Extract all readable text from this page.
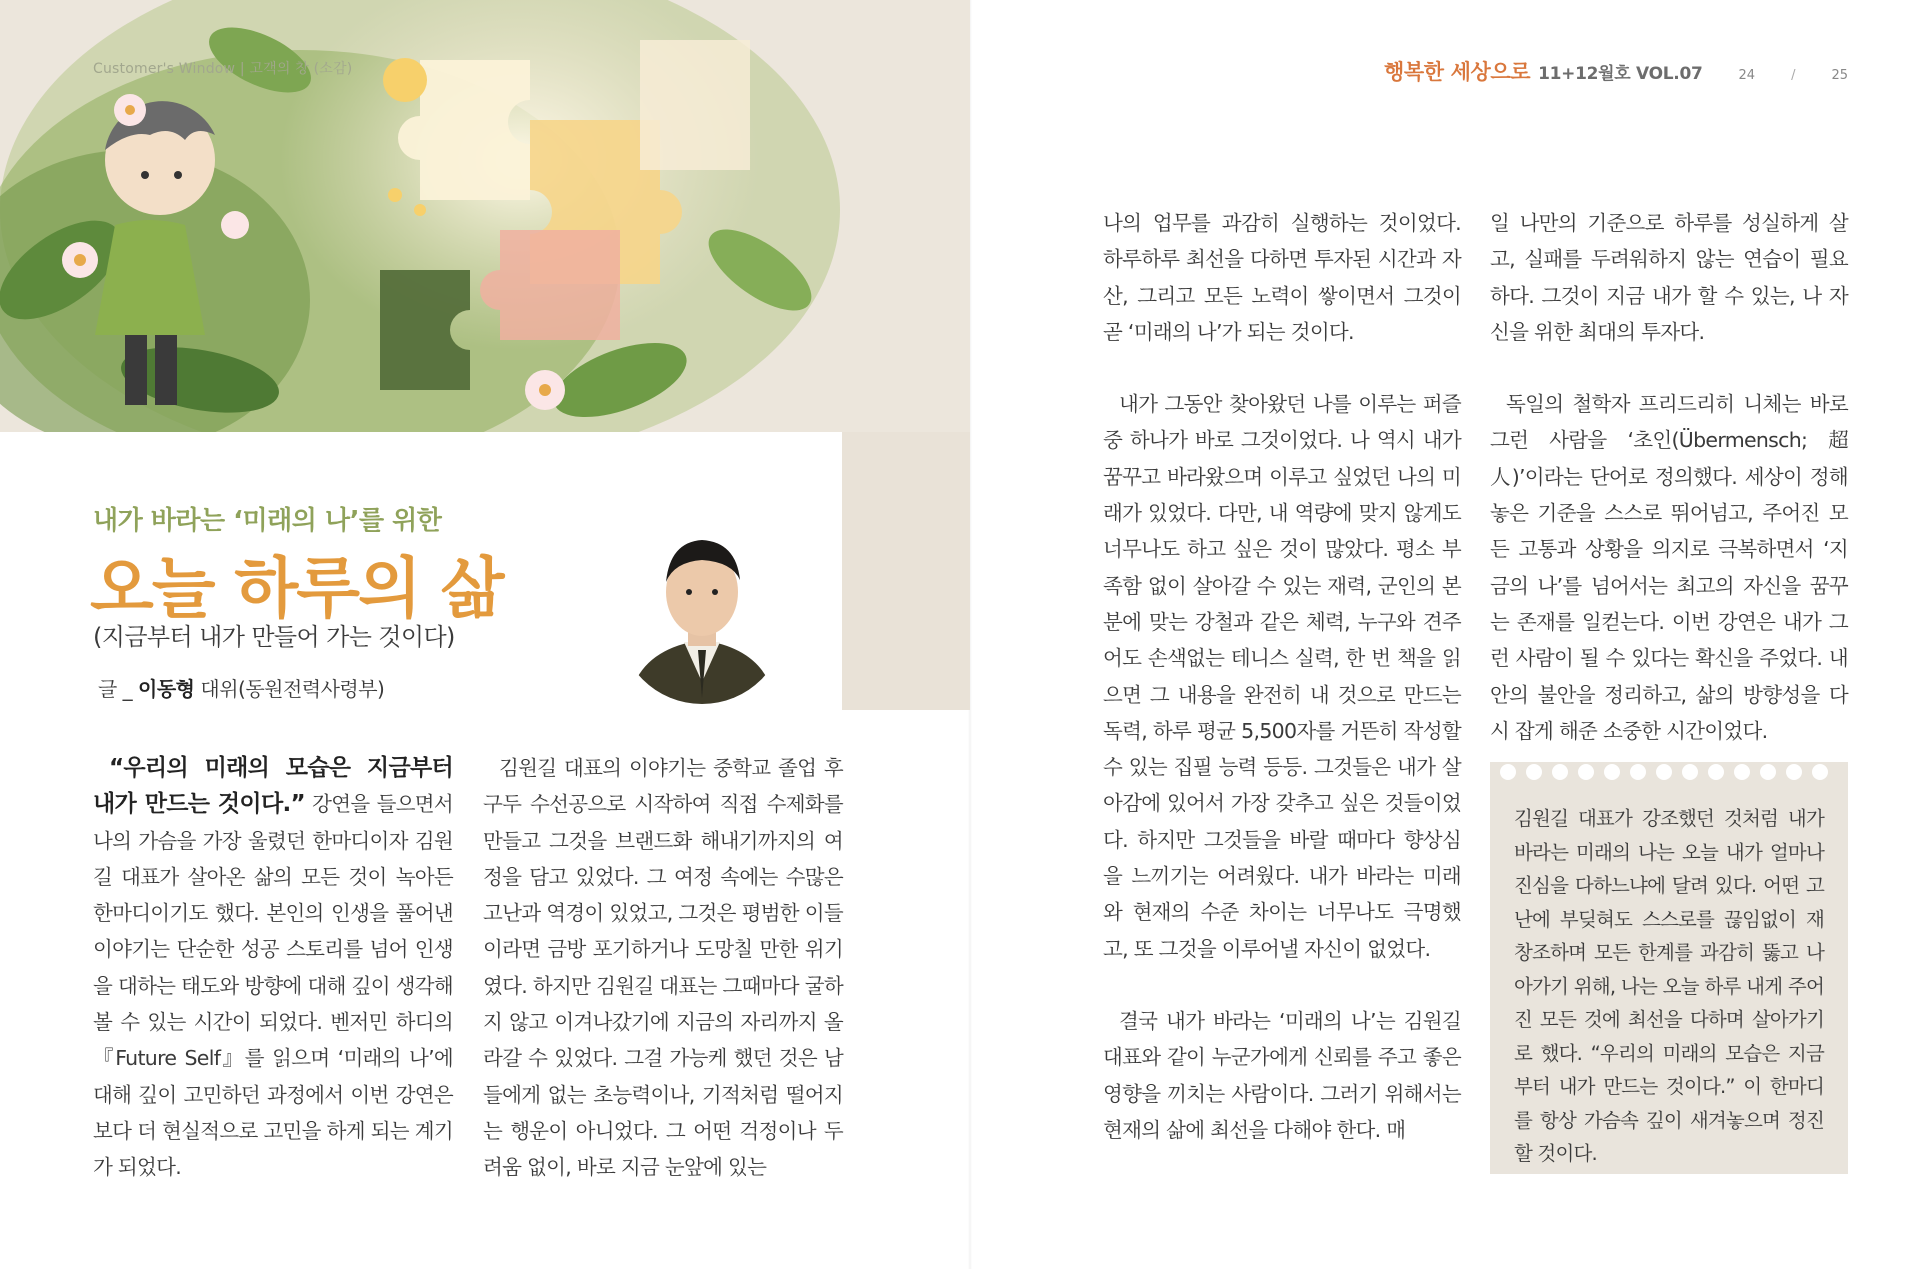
Customer's Window | 고객의 창 (소감)
내가 바라는 ‘미래의 나’를 위한
오늘 하루의 삶
(지금부터 내가 만들어 가는 것이다)
글 _ 이동형 대위(동원전력사령부)

“우리의 미래의 모습은 지금부터 내가 만드는 것이다.” 강연을 들으면서 나의 가슴을 가장 울렸던 한마디이자 김원길 대표가 살아온 삶의 모든 것이 녹아든 한마디이기도 했다. 본인의 인생을 풀어낸 이야기는 단순한 성공 스토리를 넘어 인생을 대하는 태도와 방향에 대해 깊이 생각해볼 수 있는 시간이 되었다. 벤저민 하디의 『Future Self』를 읽으며 ‘미래의 나’에 대해 깊이 고민하던 과정에서 이번 강연은 보다 더 현실적으로 고민을 하게 되는 계기가 되었다.

김원길 대표의 이야기는 중학교 졸업 후 구두 수선공으로 시작하여 직접 수제화를 만들고 그것을 브랜드화 해내기까지의 여정을 담고 있었다. 그 여정 속에는 수많은 고난과 역경이 있었고, 그것은 평범한 이들이라면 금방 포기하거나 도망칠 만한 위기였다. 하지만 김원길 대표는 그때마다 굴하지 않고 이겨나갔기에 지금의 자리까지 올라갈 수 있었다. 그걸 가능케 했던 것은 남들에게 없는 초능력이나, 기적처럼 떨어지는 행운이 아니었다. 그 어떤 걱정이나 두려움 없이, 바로 지금 눈앞에 있는

행복한 세상으로 11+12월호 VOL.07	24	/	25

나의 업무를 과감히 실행하는 것이었다. 하루하루 최선을 다하면 투자된 시간과 자산, 그리고 모든 노력이 쌓이면서 그것이 곧 ‘미래의 나’가 되는 것이다.

내가 그동안 찾아왔던 나를 이루는 퍼즐 중 하나가 바로 그것이었다. 나 역시 내가 꿈꾸고 바라왔으며 이루고 싶었던 나의 미래가 있었다. 다만, 내 역량에 맞지 않게도 너무나도 하고 싶은 것이 많았다. 평소 부족함 없이 살아갈 수 있는 재력, 군인의 본분에 맞는 강철과 같은 체력, 누구와 견주어도 손색없는 테니스 실력, 한 번 책을 읽으면 그 내용을 완전히 내 것으로 만드는 독력, 하루 평균 5,500자를 거뜬히 작성할 수 있는 집필 능력 등등. 그것들은 내가 살아감에 있어서 가장 갖추고 싶은 것들이었다. 하지만 그것들을 바랄 때마다 향상심을 느끼기는 어려웠다. 내가 바라는 미래와 현재의 수준 차이는 너무나도 극명했고, 또 그것을 이루어낼 자신이 없었다.

결국 내가 바라는 ‘미래의 나’는 김원길 대표와 같이 누군가에게 신뢰를 주고 좋은 영향을 끼치는 사람이다. 그러기 위해서는 현재의 삶에 최선을 다해야 한다. 매

일 나만의 기준으로 하루를 성실하게 살고, 실패를 두려워하지 않는 연습이 필요하다. 그것이 지금 내가 할 수 있는, 나 자신을 위한 최대의 투자다.

독일의 철학자 프리드리히 니체는 바로 그런 사람을 ‘초인(Übermensch; 超人)’이라는 단어로 정의했다. 세상이 정해놓은 기준을 스스로 뛰어넘고, 주어진 모든 고통과 상황을 의지로 극복하면서 ‘지금의 나’를 넘어서는 최고의 자신을 꿈꾸는 존재를 일컫는다. 이번 강연은 내가 그런 사람이 될 수 있다는 확신을 주었다. 내 안의 불안을 정리하고, 삶의 방향성을 다시 잡게 해준 소중한 시간이었다.

김원길 대표가 강조했던 것처럼 내가 바라는 미래의 나는 오늘 내가 얼마나 진심을 다하느냐에 달려 있다. 어떤 고난에 부딪혀도 스스로를 끊임없이 재창조하며 모든 한계를 과감히 뚫고 나아가기 위해, 나는 오늘 하루 내게 주어진 모든 것에 최선을 다하며 살아가기로 했다. “우리의 미래의 모습은 지금부터 내가 만드는 것이다.” 이 한마디를 항상 가슴속 깊이 새겨놓으며 정진할 것이다.
